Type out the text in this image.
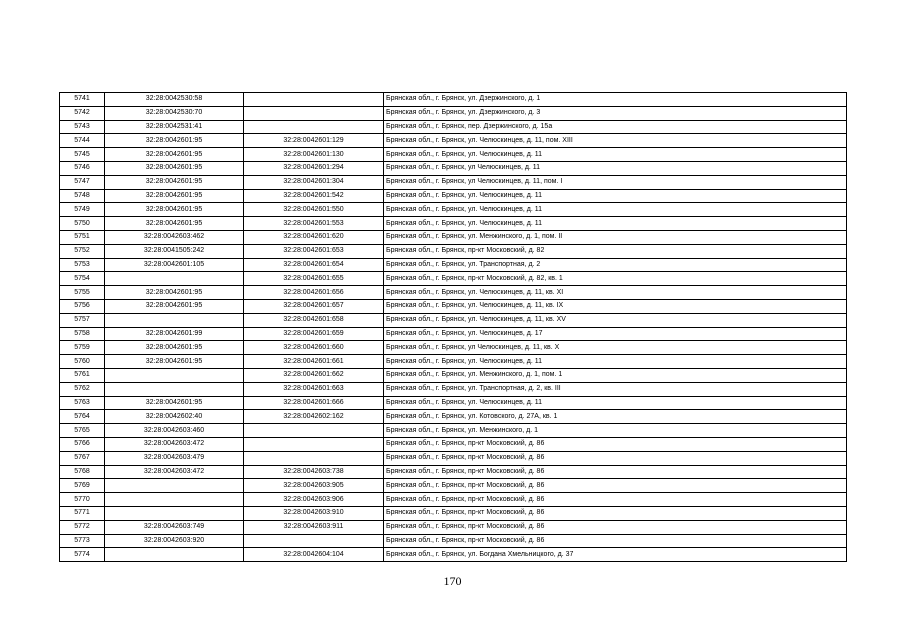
5741	32:28:0042530:58		Брянская обл., г. Брянск, ул. Дзержинского, д. 1
5742	32:28:0042530:70		Брянская обл., г. Брянск, ул. Дзержинского, д. 3
5743	32:28:0042531:41		Брянская обл., г. Брянск, пер. Дзержинского, д. 15а
5744	32:28:0042601:95	32:28:0042601:129	Брянская обл., г. Брянск, ул. Челюскинцев, д. 11, пом. XIII
5745	32:28:0042601:95	32:28:0042601:130	Брянская обл., г. Брянск, ул. Челюскинцев, д. 11
5746	32:28:0042601:95	32:28:0042601:294	Брянская обл., г. Брянск, ул Челюскинцев, д. 11
5747	32:28:0042601:95	32:28:0042601:304	Брянская обл., г. Брянск, ул Челюскинцев, д. 11, пом. I
5748	32:28:0042601:95	32:28:0042601:542	Брянская обл., г. Брянск, ул. Челюскинцев, д. 11
5749	32:28:0042601:95	32:28:0042601:550	Брянская обл., г. Брянск, ул. Челюскинцев, д. 11
5750	32:28:0042601:95	32:28:0042601:553	Брянская обл., г. Брянск, ул. Челюскинцев, д. 11
5751	32:28:0042603:462	32:28:0042601:620	Брянская обл., г. Брянск, ул. Менжинского, д. 1, пом. II
5752	32:28:0041505:242	32:28:0042601:653	Брянская обл., г. Брянск, пр-кт Московский, д. 82
5753	32:28:0042601:105	32:28:0042601:654	Брянская обл., г. Брянск, ул. Транспортная, д. 2
5754		32:28:0042601:655	Брянская обл., г. Брянск, пр-кт Московский, д. 82, кв. 1
5755	32:28:0042601:95	32:28:0042601:656	Брянская обл., г. Брянск, ул. Челюскинцев, д. 11, кв. XI
5756	32:28:0042601:95	32:28:0042601:657	Брянская обл., г. Брянск, ул. Челюскинцев, д. 11, кв. IX
5757		32:28:0042601:658	Брянская обл., г. Брянск, ул. Челюскинцев, д. 11, кв. XV
5758	32:28:0042601:99	32:28:0042601:659	Брянская обл., г. Брянск, ул. Челюскинцев, д. 17
5759	32:28:0042601:95	32:28:0042601:660	Брянская обл., г. Брянск, ул Челюскинцев, д. 11, кв. X
5760	32:28:0042601:95	32:28:0042601:661	Брянская обл., г. Брянск, ул. Челюскинцев, д. 11
5761		32:28:0042601:662	Брянская обл., г. Брянск, ул. Менжинского, д. 1, пом. 1
5762		32:28:0042601:663	Брянская обл., г. Брянск, ул. Транспортная, д. 2, кв. III
5763	32:28:0042601:95	32:28:0042601:666	Брянская обл., г. Брянск, ул. Челюскинцев, д. 11
5764	32:28:0042602:40	32:28:0042602:162	Брянская обл., г. Брянск, ул. Котовского, д. 27А, кв. 1
5765	32:28:0042603:460		Брянская обл., г. Брянск, ул. Менжинского, д. 1
5766	32:28:0042603:472		Брянская обл., г. Брянск, пр-кт Московский, д. 86
5767	32:28:0042603:479		Брянская обл., г. Брянск, пр-кт Московский, д. 86
5768	32:28:0042603:472	32:28:0042603:738	Брянская обл., г. Брянск, пр-кт Московский, д. 86
5769		32:28:0042603:905	Брянская обл., г. Брянск, пр-кт Московский, д. 86
5770		32:28:0042603:906	Брянская обл., г. Брянск, пр-кт Московский, д. 86
5771		32:28:0042603:910	Брянская обл., г. Брянск, пр-кт Московский, д. 86
5772	32:28:0042603:749	32:28:0042603:911	Брянская обл., г. Брянск, пр-кт Московский, д. 86
5773	32:28:0042603:920		Брянская обл., г. Брянск, пр-кт Московский, д. 86
5774		32:28:0042604:104	Брянская обл., г. Брянск, ул. Богдана Хмельницкого, д. 37
170
